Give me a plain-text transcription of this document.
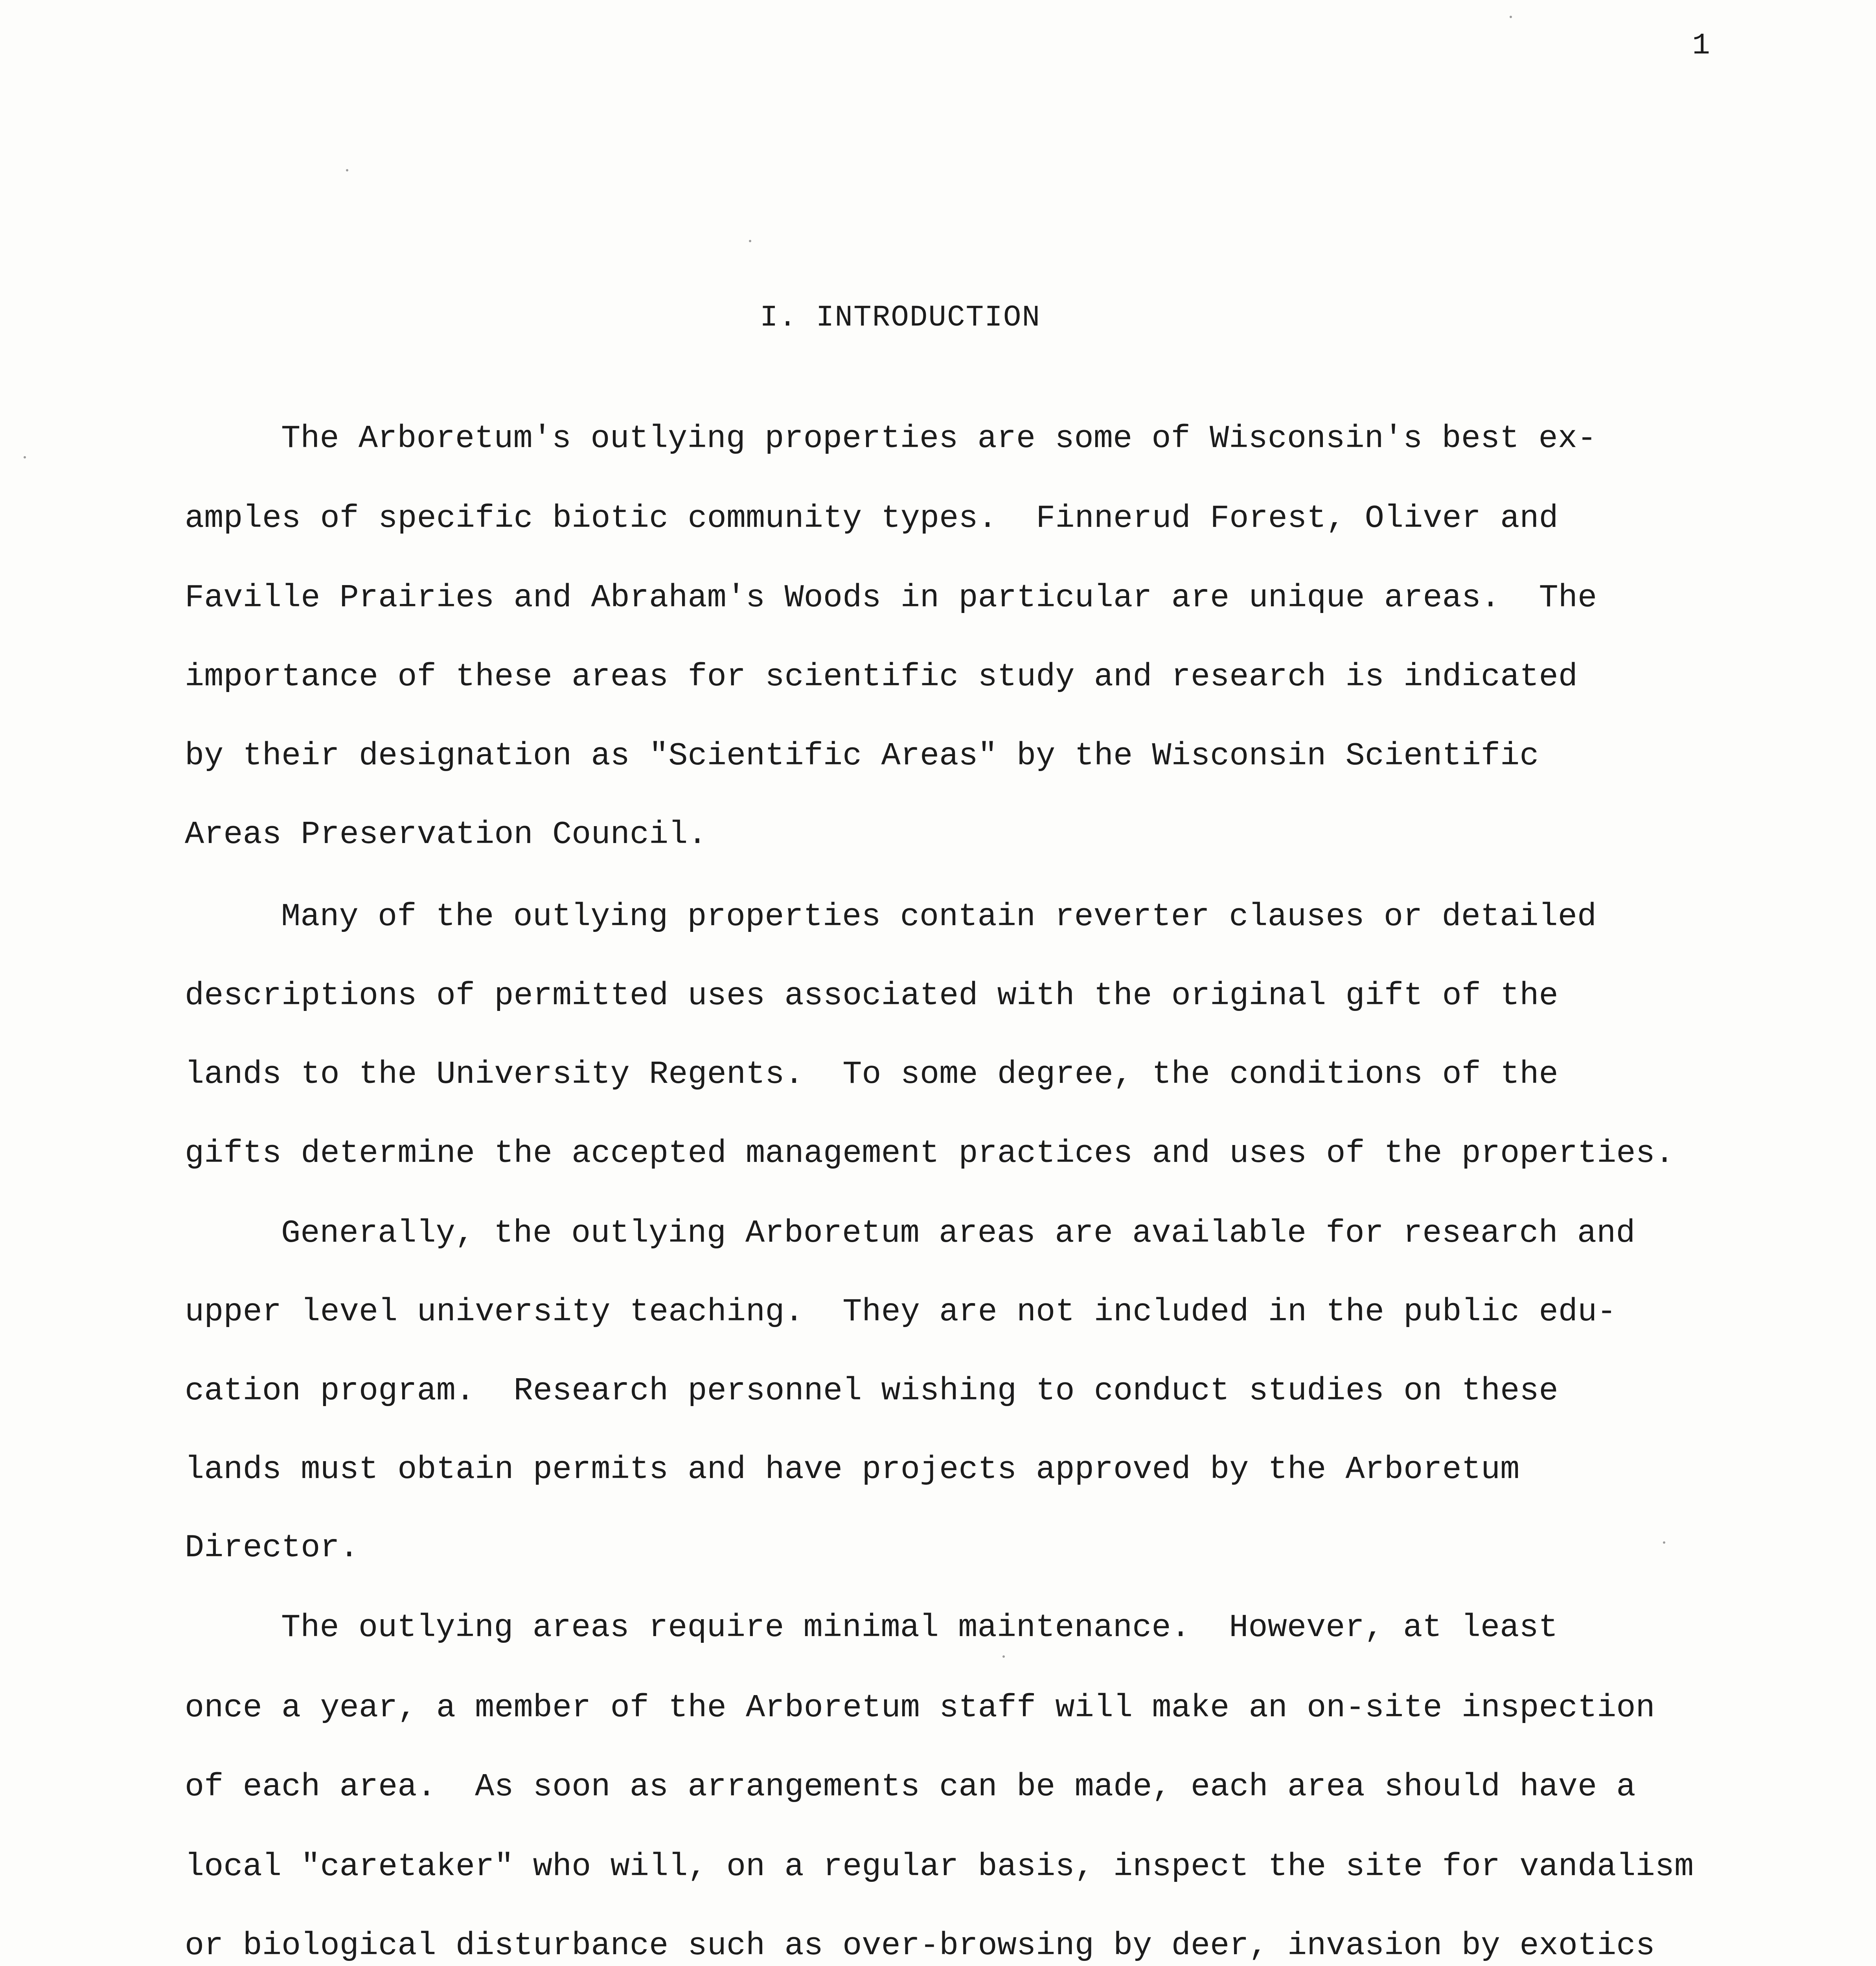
1
I. INTRODUCTION
The Arboretum's outlying properties are some of Wisconsin's best ex-
amples of specific biotic community types.  Finnerud Forest, Oliver and
Faville Prairies and Abraham's Woods in particular are unique areas.  The
importance of these areas for scientific study and research is indicated
by their designation as "Scientific Areas" by the Wisconsin Scientific
Areas Preservation Council.
Many of the outlying properties contain reverter clauses or detailed
descriptions of permitted uses associated with the original gift of the
lands to the University Regents.  To some degree, the conditions of the
gifts determine the accepted management practices and uses of the properties.
Generally, the outlying Arboretum areas are available for research and
upper level university teaching.  They are not included in the public edu-
cation program.  Research personnel wishing to conduct studies on these
lands must obtain permits and have projects approved by the Arboretum
Director.
The outlying areas require minimal maintenance.  However, at least
once a year, a member of the Arboretum staff will make an on-site inspection
of each area.  As soon as arrangements can be made, each area should have a
local "caretaker" who will, on a regular basis, inspect the site for vandalism
or biological disturbance such as over-browsing by deer, invasion by exotics
